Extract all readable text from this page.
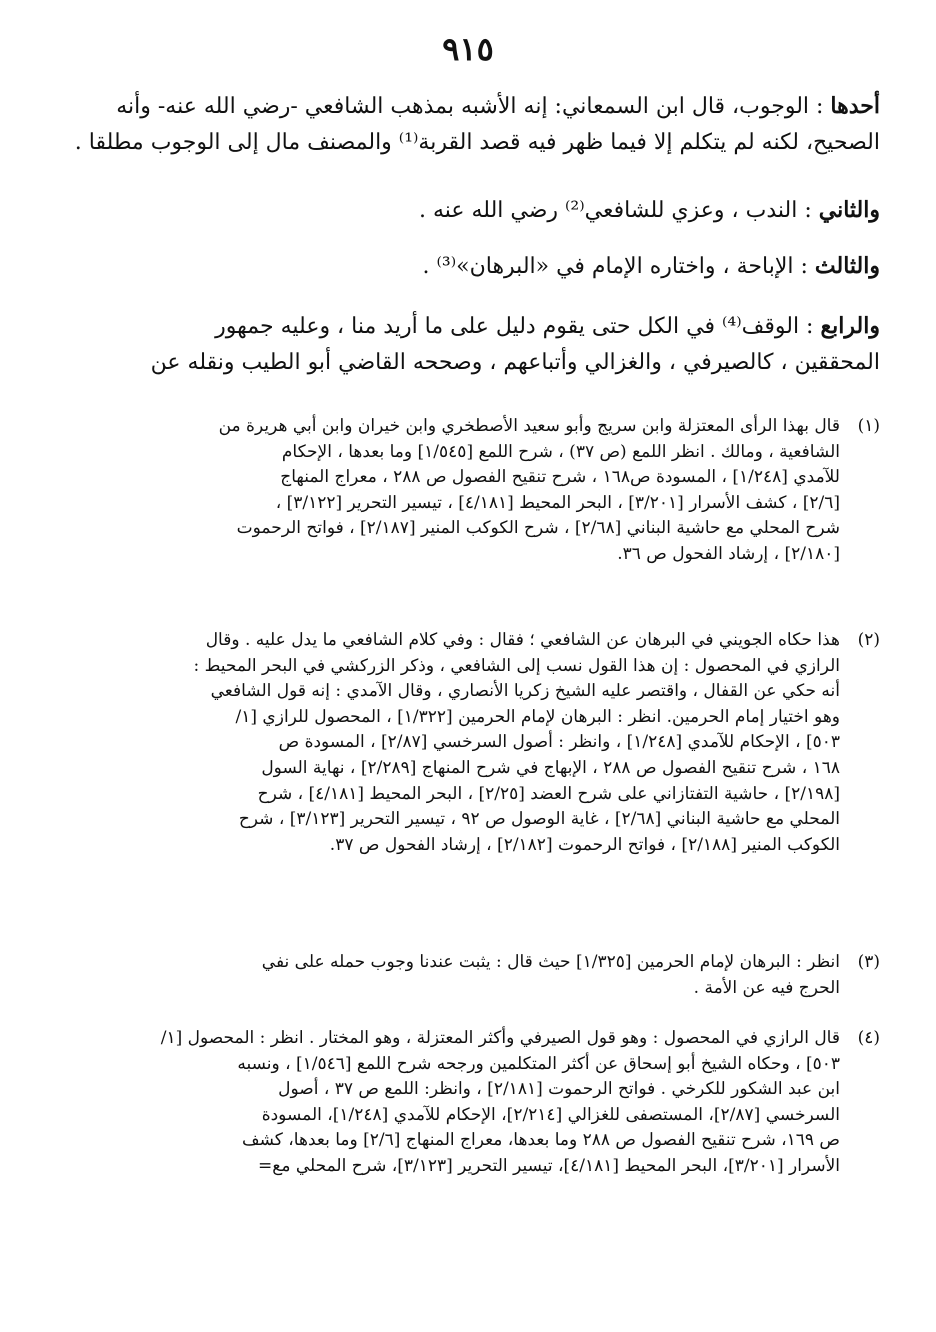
٩١٥
أحدها : الوجوب، قال ابن السمعاني: إنه الأشبه بمذهب الشافعي -رضي الله عنه- وأنه
الصحيح، لكنه لم يتكلم إلا فيما ظهر فيه قصد القربة⁽¹⁾ والمصنف مال إلى الوجوب مطلقا .
والثاني : الندب ، وعزي للشافعي⁽²⁾ رضي الله عنه .
والثالث : الإباحة ، واختاره الإمام في «البرهان»⁽³⁾ .
والرابع : الوقف⁽⁴⁾ في الكل حتى يقوم دليل على ما أريد منا ، وعليه جمهور
المحققين ، كالصيرفي ، والغزالي وأتباعهم ، وصححه القاضي أبو الطيب ونقله عن
(١)
قال بهذا الرأى المعتزلة وابن سريج وأبو سعيد الأصطخري وابن خيران وابن أبي هريرة من
الشافعية ، ومالك . انظر اللمع (ص ٣٧) ، شرح اللمع [١/٥٤٥] وما بعدها ، الإحكام
للآمدي [١/٢٤٨] ، المسودة ص١٦٨ ، شرح تنقيح الفصول ص ٢٨٨ ، معراج المنهاج
[٢/٦] ، كشف الأسرار [٣/٢٠١] ، البحر المحيط [٤/١٨١] ، تيسير التحرير [٣/١٢٢] ،
شرح المحلي مع حاشية البناني [٢/٦٨] ، شرح الكوكب المنير [٢/١٨٧] ، فواتح الرحموت
[٢/١٨٠] ، إرشاد الفحول ص ٣٦.
(٢)
هذا حكاه الجويني في البرهان عن الشافعي ؛ فقال : وفي كلام الشافعي ما يدل عليه . وقال
الرازي في المحصول : إن هذا القول نسب إلى الشافعي ، وذكر الزركشي في البحر المحيط :
أنه حكي عن القفال ، واقتصر عليه الشيخ زكريا الأنصاري ، وقال الآمدي : إنه قول الشافعي
وهو اختيار إمام الحرمين. انظر : البرهان لإمام الحرمين [١/٣٢٢] ، المحصول للرازي [١/
٥٠٣] ، الإحكام للآمدي [١/٢٤٨] ، وانظر : أصول السرخسي [٢/٨٧] ، المسودة ص
١٦٨ ، شرح تنقيح الفصول ص ٢٨٨ ، الإبهاج في شرح المنهاج [٢/٢٨٩] ، نهاية السول
[٢/١٩٨] ، حاشية التفتازاني على شرح العضد [٢/٢٥] ، البحر المحيط [٤/١٨١] ، شرح
المحلي مع حاشية البناني [٢/٦٨] ، غاية الوصول ص ٩٢ ، تيسير التحرير [٣/١٢٣] ، شرح
الكوكب المنير [٢/١٨٨] ، فواتح الرحموت [٢/١٨٢] ، إرشاد الفحول ص ٣٧.
(٣)
انظر : البرهان لإمام الحرمين [١/٣٢٥] حيث قال : يثبت عندنا وجوب حمله على نفي
الحرج فيه عن الأمة .
(٤)
قال الرازي في المحصول : وهو قول الصيرفي وأكثر المعتزلة ، وهو المختار . انظر : المحصول [١/
٥٠٣] ، وحكاه الشيخ أبو إسحاق عن أكثر المتكلمين ورجحه شرح اللمع [١/٥٤٦] ، ونسبه
ابن عبد الشكور للكرخي . فواتح الرحموت [٢/١٨١] ، وانظر: اللمع ص ٣٧ ، أصول
السرخسي [٢/٨٧]، المستصفى للغزالي [٢/٢١٤]، الإحكام للآمدي [١/٢٤٨]، المسودة
ص ١٦٩، شرح تنقيح الفصول ص ٢٨٨ وما بعدها، معراج المنهاج [٢/٦] وما بعدها، كشف
الأسرار [٣/٢٠١]، البحر المحيط [٤/١٨١]، تيسير التحرير [٣/١٢٣]، شرح المحلي مع=
